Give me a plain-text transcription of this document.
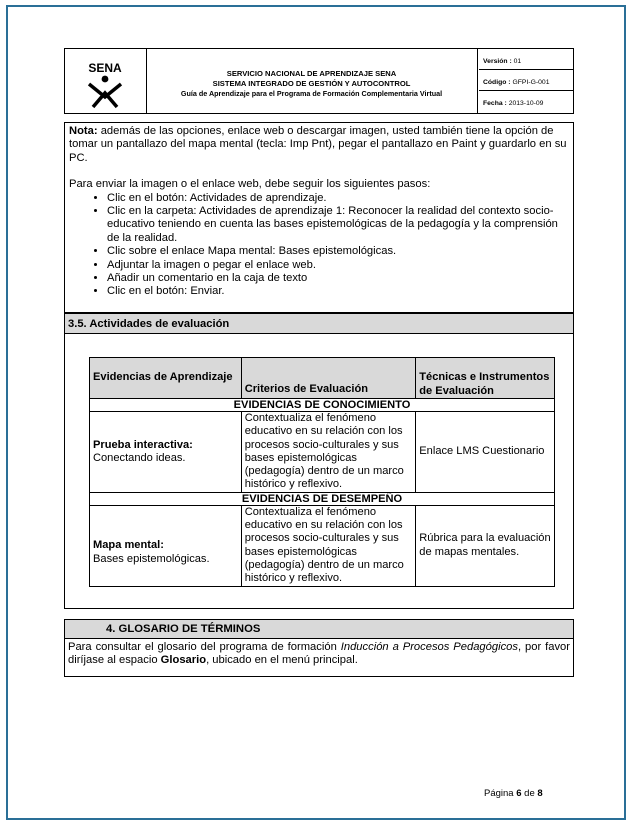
SENA	SERVICIO NACIONAL DE APRENDIZAJE SENA
SISTEMA INTEGRADO DE GESTIÓN Y AUTOCONTROL
Guía de Aprendizaje para el Programa de Formación Complementaria Virtual
Versión : 01
Código : GFPI-G-001
Fecha : 2013-10-09

Nota: además de las opciones, enlace web o descargar imagen, usted también tiene la opción de tomar un pantallazo del mapa mental (tecla: Imp Pnt), pegar el pantallazo en Paint y guardarlo en su PC.

Para enviar la imagen o el enlace web, debe seguir los siguientes pasos:

• Clic en el botón: Actividades de aprendizaje.
• Clic en la carpeta: Actividades de aprendizaje 1: Reconocer la realidad del contexto socio-educativo teniendo en cuenta las bases epistemológicas de la pedagogía y la comprensión de la realidad.
• Clic sobre el enlace Mapa mental: Bases epistemológicas.
• Adjuntar la imagen o pegar el enlace web.
• Añadir un comentario en la caja de texto
• Clic en el botón: Enviar.
3.5. Actividades de evaluación
Evidencias de Aprendizaje	Criterios de Evaluación	Técnicas e Instrumentos de Evaluación
EVIDENCIAS DE CONOCIMIENTO		
Prueba interactiva:
Conectando ideas.	Contextualiza el fenómeno educativo en su relación con los procesos socio-culturales y sus bases epistemológicas (pedagogía) dentro de un marco histórico y reflexivo.	Enlace LMS Cuestionario
EVIDENCIAS DE DESEMPEÑO		
Mapa mental:
Bases epistemológicas.	Contextualiza el fenómeno educativo en su relación con los procesos socio-culturales y sus bases epistemológicas (pedagogía) dentro de un marco histórico y reflexivo.	Rúbrica para la evaluación de mapas mentales.
4. GLOSARIO DE TÉRMINOS
Para consultar el glosario del programa de formación Inducción a Procesos Pedagógicos, por favor diríjase al espacio Glosario, ubicado en el menú principal.
Página 6 de 8
